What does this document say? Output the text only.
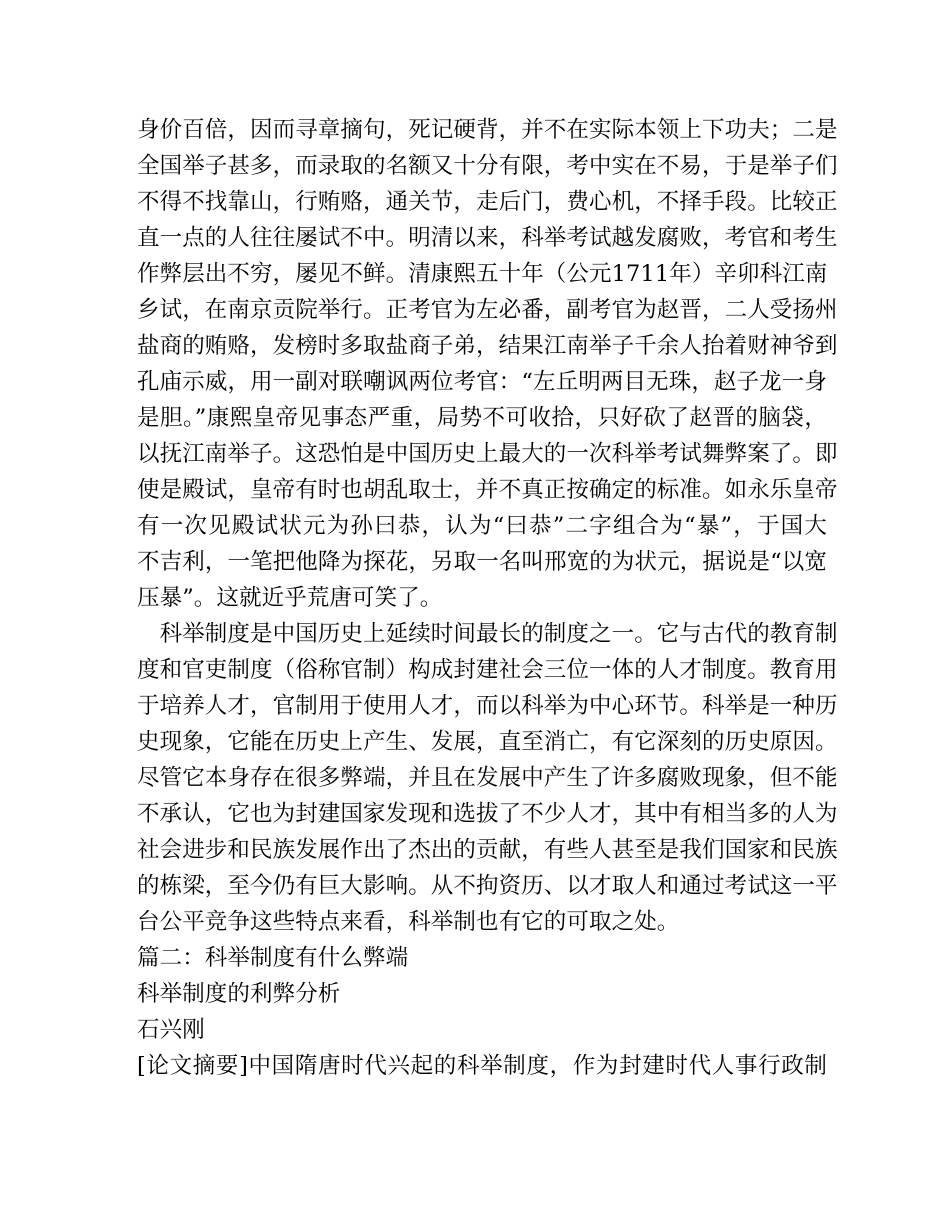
身价百倍，因而寻章摘句，死记硬背，并不在实际本领上下功夫；二是
全国举子甚多，而录取的名额又十分有限，考中实在不易，于是举子们
不得不找靠山，行贿赂，通关节，走后门，费心机，不择手段。比较正
直一点的人往往屡试不中。明清以来，科举考试越发腐败，考官和考生
作弊层出不穷，屡见不鲜。清康熙五十年（公元1711年）辛卯科江南
乡试，在南京贡院举行。正考官为左必番，副考官为赵晋，二人受扬州
盐商的贿赂，发榜时多取盐商子弟，结果江南举子千余人抬着财神爷到
孔庙示威，用一副对联嘲讽两位考官：“左丘明两目无珠，赵子龙一身
是胆。”康熙皇帝见事态严重，局势不可收拾，只好砍了赵晋的脑袋，
以抚江南举子。这恐怕是中国历史上最大的一次科举考试舞弊案了。即
使是殿试，皇帝有时也胡乱取士，并不真正按确定的标准。如永乐皇帝
有一次见殿试状元为孙曰恭，认为“曰恭”二字组合为“暴”，于国大
不吉利，一笔把他降为探花，另取一名叫邢宽的为状元，据说是“以宽
压暴”。这就近乎荒唐可笑了。
　科举制度是中国历史上延续时间最长的制度之一。它与古代的教育制
度和官吏制度（俗称官制）构成封建社会三位一体的人才制度。教育用
于培养人才，官制用于使用人才，而以科举为中心环节。科举是一种历
史现象，它能在历史上产生、发展，直至消亡，有它深刻的历史原因。
尽管它本身存在很多弊端，并且在发展中产生了许多腐败现象，但不能
不承认，它也为封建国家发现和选拔了不少人才，其中有相当多的人为
社会进步和民族发展作出了杰出的贡献，有些人甚至是我们国家和民族
的栋梁，至今仍有巨大影响。从不拘资历、以才取人和通过考试这一平
台公平竞争这些特点来看，科举制也有它的可取之处。
篇二：科举制度有什么弊端
科举制度的利弊分析
石兴刚
[论文摘要]中国隋唐时代兴起的科举制度，作为封建时代人事行政制
